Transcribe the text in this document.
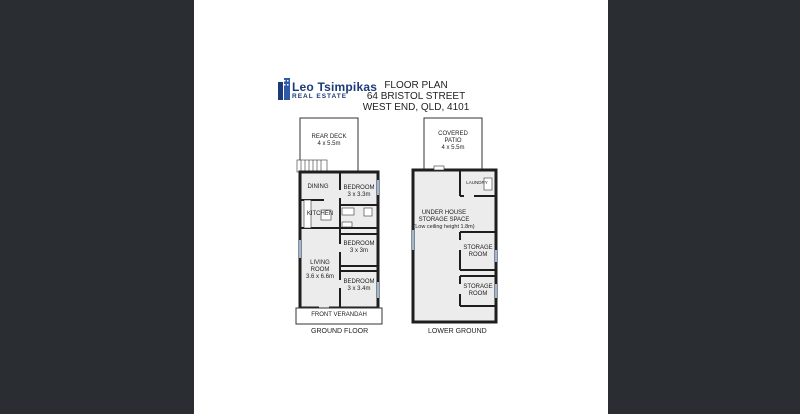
Leo Tsimpikas
REAL ESTATE
FLOOR PLAN
64 BRISTOL STREET
WEST END, QLD, 4101
REAR DECK
4 x 5.5m
DINING BEDROOM
3 x 3.3m
KITCHEN
BEDROOM
3 x 3m
LIVING
ROOM
3.6 x 6.6m
BEDROOM
3 x 3.4m
FRONT VERANDAH
GROUND FLOOR
COVERED
PATIO
4 x 5.5m
LAUNDRY
UNDER HOUSE
STORAGE SPACE
(Low ceiling height 1.8m)
STORAGE
ROOM
STORAGE
ROOM
LOWER GROUND
